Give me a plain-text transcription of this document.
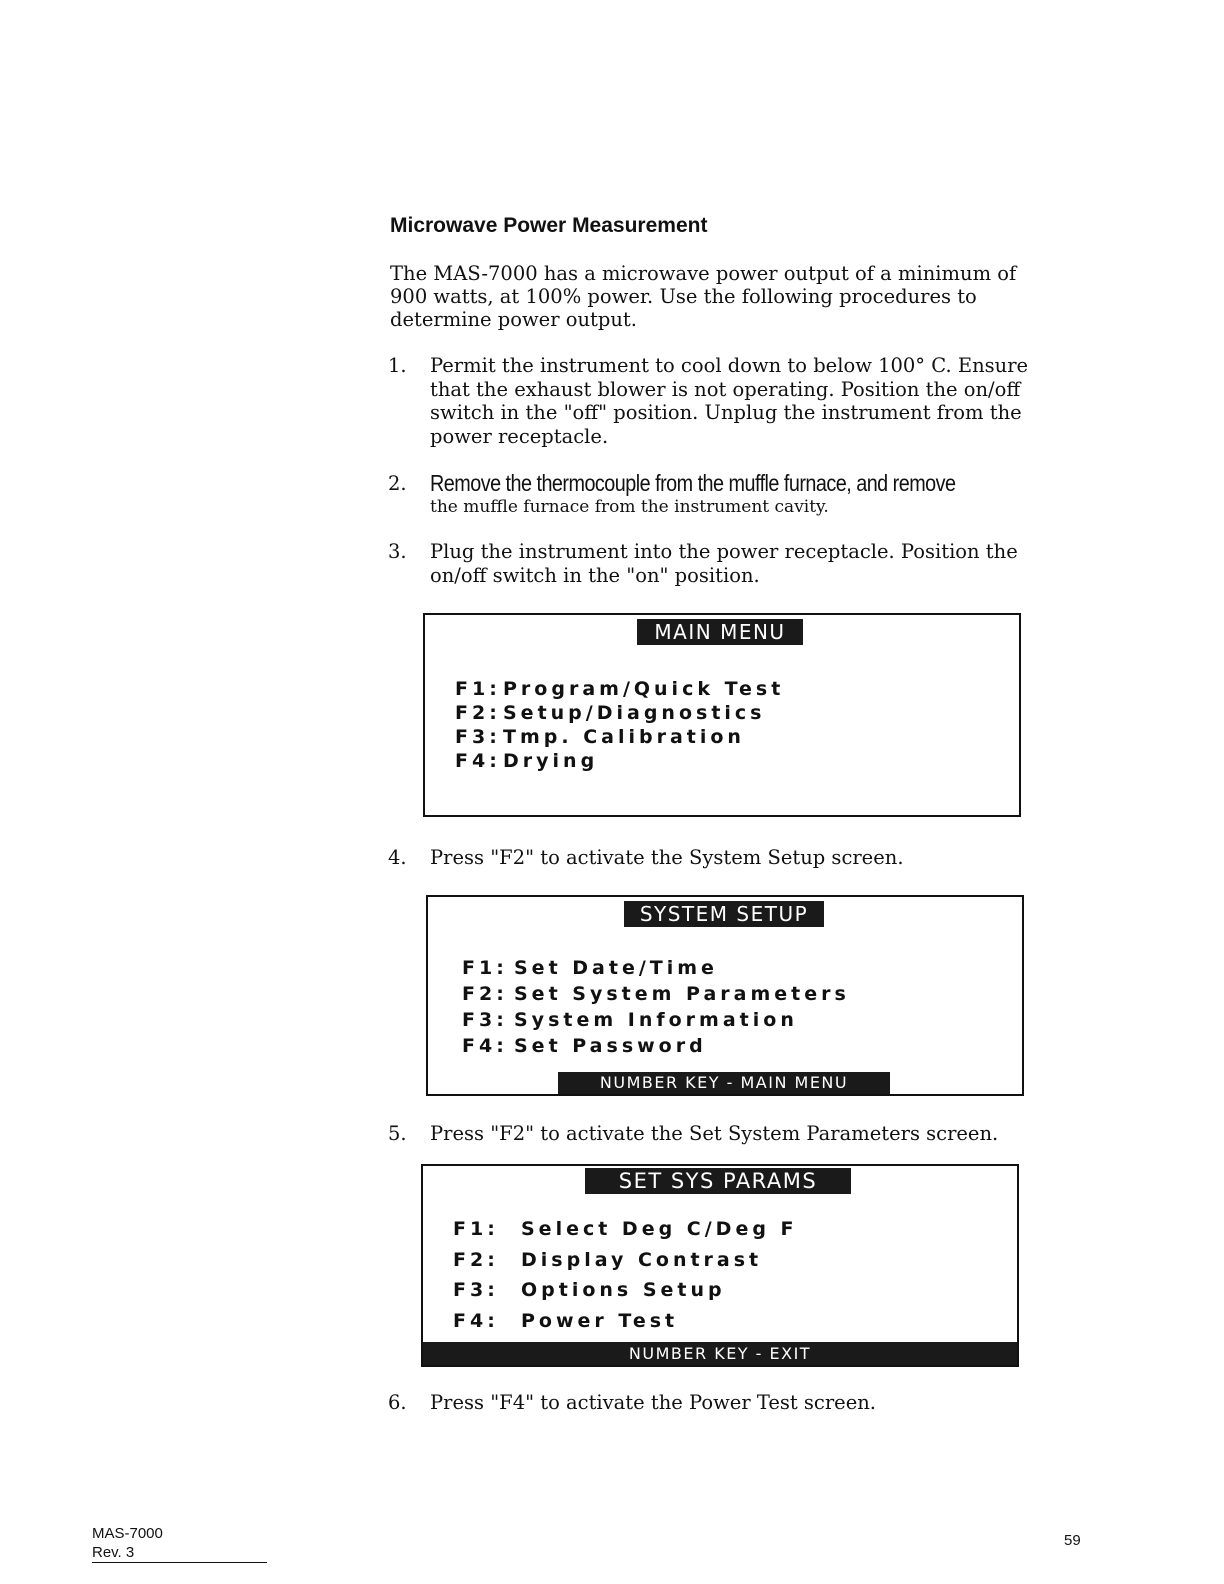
Microwave Power Measurement

The MAS-7000 has a microwave power output of a minimum of 900 watts, at 100% power. Use the following procedures to determine power output.

1. Permit the instrument to cool down to below 100° C. Ensure that the exhaust blower is not operating. Position the on/off switch in the "off" position. Unplug the instrument from the power receptacle.
2. Remove the thermocouple from the muffle furnace, and remove
the muffle furnace from the instrument cavity.
3. Plug the instrument into the power receptacle. Position the on/off switch in the "on" position.
MAIN MENU
F1: Program/Quick Test
F2: Setup/Diagnostics
F3: Tmp. Calibration
F4: Drying
4. Press "F2" to activate the System Setup screen.
SYSTEM SETUP
F1: Set Date/Time
F2: Set System Parameters
F3: System Information
F4: Set Password
NUMBER KEY - MAIN MENU
5. Press "F2" to activate the Set System Parameters screen.
SET SYS PARAMS
F1: Select Deg C/Deg F
F2: Display Contrast
F3: Options Setup
F4: Power Test
NUMBER KEY - EXIT
6. Press "F4" to activate the Power Test screen.
MAS-7000
Rev. 3
59
